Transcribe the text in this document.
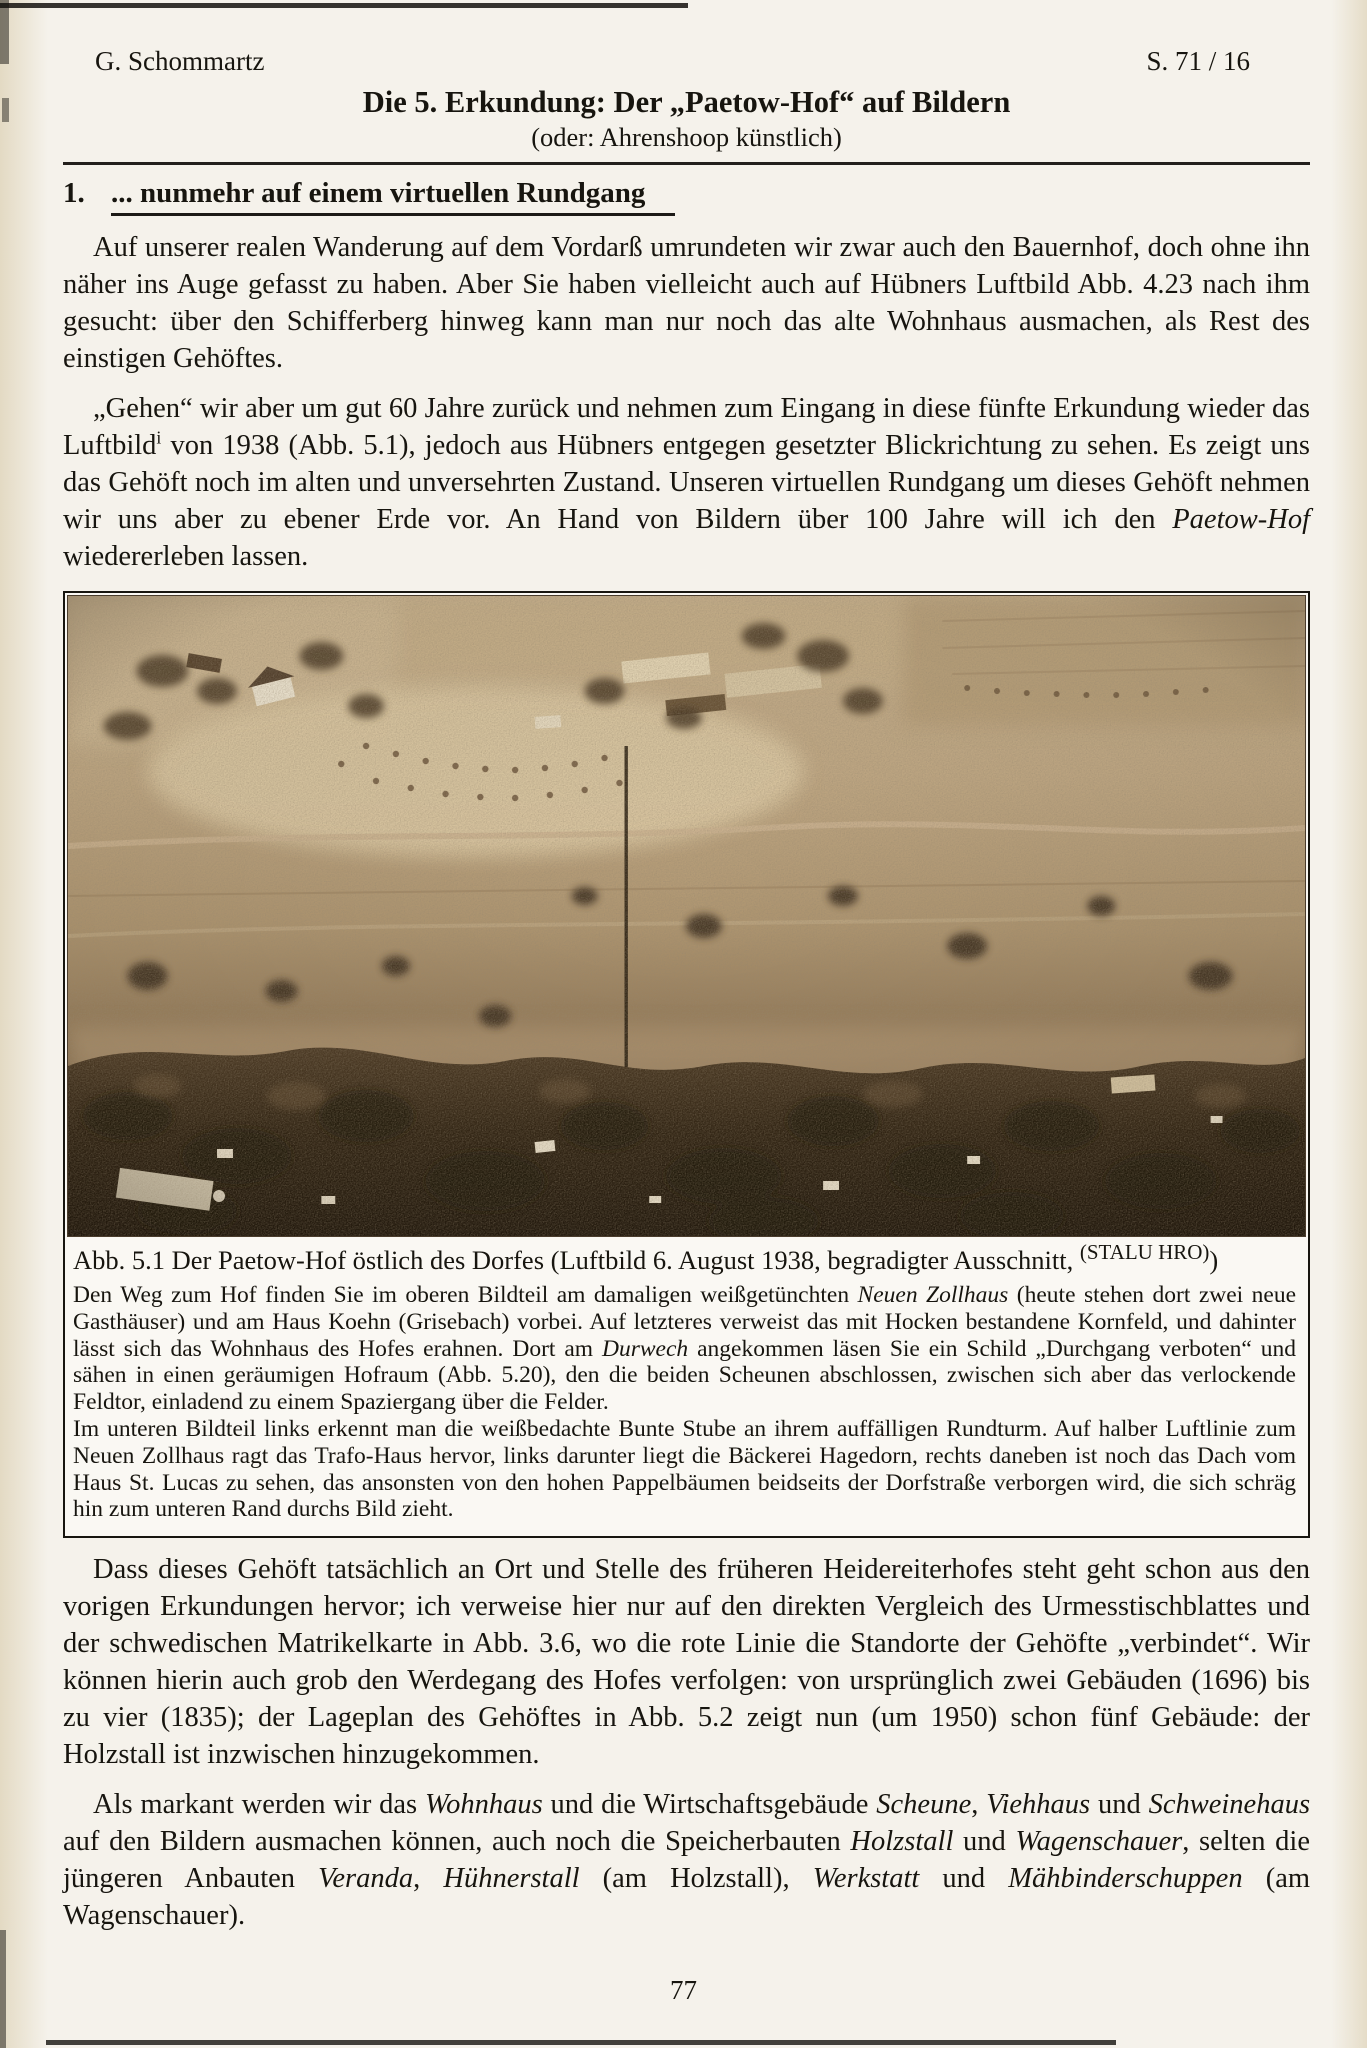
G. Schommartz	S. 71 / 16
Die 5. Erkundung: Der „Paetow-Hof“ auf Bildern
(oder: Ahrenshoop künstlich)
1. ... nunmehr auf einem virtuellen Rundgang

Auf unserer realen Wanderung auf dem Vordarß umrundeten wir zwar auch den Bauernhof, doch ohne ihn näher ins Auge gefasst zu haben. Aber Sie haben vielleicht auch auf Hübners Luftbild Abb. 4.23 nach ihm gesucht: über den Schifferberg hinweg kann man nur noch das alte Wohnhaus ausmachen, als Rest des einstigen Gehöftes.

„Gehen“ wir aber um gut 60 Jahre zurück und nehmen zum Eingang in diese fünfte Erkundung wieder das Luftbild$^i$ von 1938 (Abb. 5.1), jedoch aus Hübners entgegen gesetzter Blickrichtung zu sehen. Es zeigt uns das Gehöft noch im alten und unversehrten Zustand. Unseren virtuellen Rundgang um dieses Gehöft nehmen wir uns aber zu ebener Erde vor. An Hand von Bildern über 100 Jahre will ich den Paetow-Hof wiedererleben lassen.

Abb. 5.1 Der Paetow-Hof östlich des Dorfes (Luftbild 6. August 1938, begradigter Ausschnitt, $^{(STALU HRO)}$)

Den Weg zum Hof finden Sie im oberen Bildteil am damaligen weißgetünchten Neuen Zollhaus (heute stehen dort zwei neue Gasthäuser) und am Haus Koehn (Grisebach) vorbei. Auf letzteres verweist das mit Hocken bestandene Kornfeld, und dahinter lässt sich das Wohnhaus des Hofes erahnen. Dort am Durwech angekommen läsen Sie ein Schild „Durchgang verboten“ und sähen in einen geräumigen Hofraum (Abb. 5.20), den die beiden Scheunen abschlossen, zwischen sich aber das verlockende Feldtor, einladend zu einem Spaziergang über die Felder.

Im unteren Bildteil links erkennt man die weißbedachte Bunte Stube an ihrem auffälligen Rundturm. Auf halber Luftlinie zum Neuen Zollhaus ragt das Trafo-Haus hervor, links darunter liegt die Bäckerei Hagedorn, rechts daneben ist noch das Dach vom Haus St. Lucas zu sehen, das ansonsten von den hohen Pappelbäumen beidseits der Dorfstraße verborgen wird, die sich schräg hin zum unteren Rand durchs Bild zieht.

Dass dieses Gehöft tatsächlich an Ort und Stelle des früheren Heidereiterhofes steht geht schon aus den vorigen Erkundungen hervor; ich verweise hier nur auf den direkten Vergleich des Urmesstischblattes und der schwedischen Matrikelkarte in Abb. 3.6, wo die rote Linie die Standorte der Gehöfte „verbindet“. Wir können hierin auch grob den Werdegang des Hofes verfolgen: von ursprünglich zwei Gebäuden (1696) bis zu vier (1835); der Lageplan des Gehöftes in Abb. 5.2 zeigt nun (um 1950) schon fünf Gebäude: der Holzstall ist inzwischen hinzugekommen.

Als markant werden wir das Wohnhaus und die Wirtschaftsgebäude Scheune, Viehhaus und Schweinehaus auf den Bildern ausmachen können, auch noch die Speicherbauten Holzstall und Wagenschauer, selten die jüngeren Anbauten Veranda, Hühnerstall (am Holzstall), Werkstatt und Mähbinderschuppen (am Wagenschauer).

77
